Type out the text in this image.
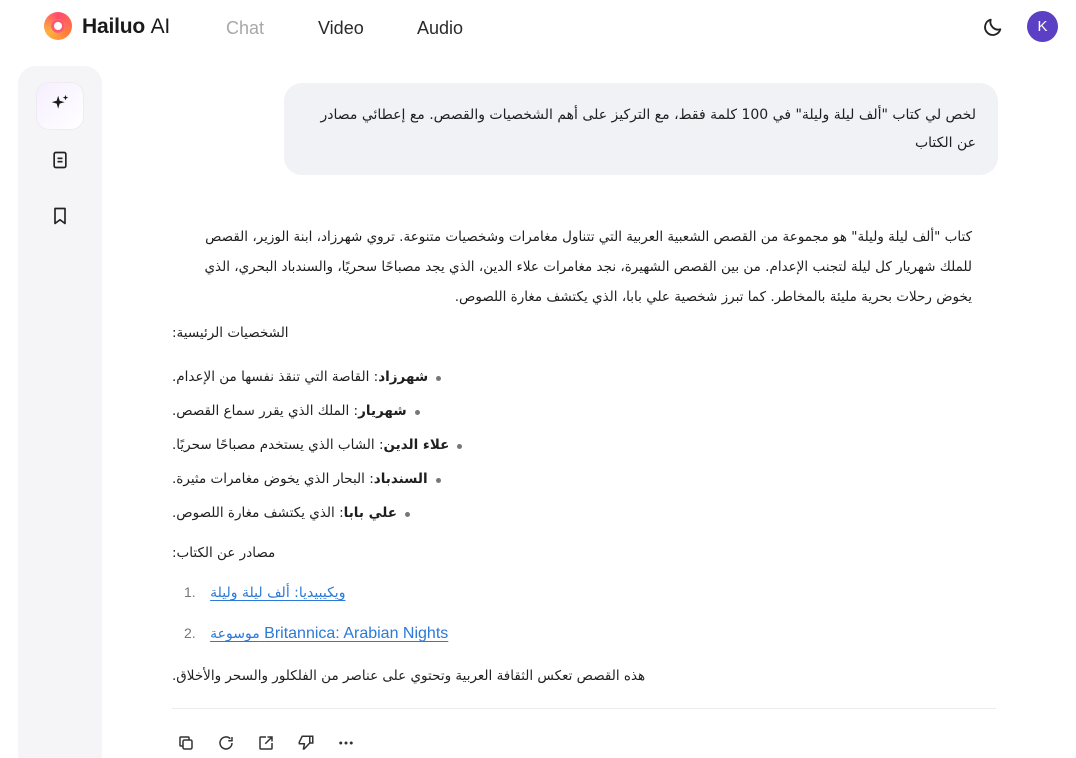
Hailuo AI	Chat	Video	Audio	K
لخص لي كتاب "ألف ليلة وليلة" في 100 كلمة فقط، مع التركيز على أهم الشخصيات والقصص. مع إعطائي مصادر عن الكتاب
كتاب "ألف ليلة وليلة" هو مجموعة من القصص الشعبية العربية التي تتناول مغامرات وشخصيات متنوعة. تروي شهرزاد، ابنة الوزير، القصص
للملك شهريار كل ليلة لتجنب الإعدام. من بين القصص الشهيرة، نجد مغامرات علاء الدين، الذي يجد مصباحًا سحريًا، والسندباد البحري، الذي
يخوض رحلات بحرية مليئة بالمخاطر. كما تبرز شخصية علي بابا، الذي يكتشف مغارة اللصوص.
الشخصيات الرئيسية:
شهرزاد: القاصة التي تنقذ نفسها من الإعدام.
شهريار: الملك الذي يقرر سماع القصص.
علاء الدين: الشاب الذي يستخدم مصباحًا سحريًا.
السندباد: البحار الذي يخوض مغامرات مثيرة.
علي بابا: الذي يكتشف مغارة اللصوص.
مصادر عن الكتاب:
1. ويكيبيديا: ألف ليلة وليلة
2. موسوعة Britannica: Arabian Nights
هذه القصص تعكس الثقافة العربية وتحتوي على عناصر من الفلكلور والسحر والأخلاق.
